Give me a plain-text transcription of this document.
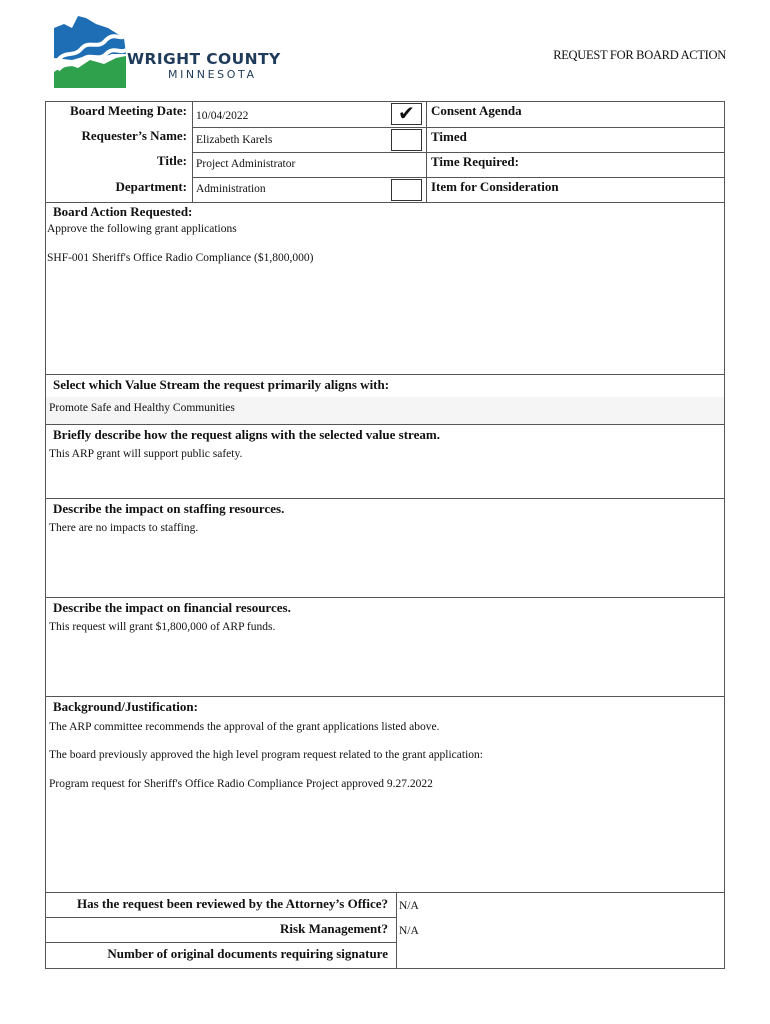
WRIGHT COUNTY
MINNESOTA
REQUEST FOR BOARD ACTION
Board Meeting Date: 10/04/2022
Requester’s Name: Elizabeth Karels
Title: Project Administrator
Department: Administration
✔ Consent Agenda
Timed
Time Required:
Item for Consideration
Board Action Requested:
Approve the following grant applications
SHF-001 Sheriff's Office Radio Compliance ($1,800,000)
Select which Value Stream the request primarily aligns with:
Promote Safe and Healthy Communities
Briefly describe how the request aligns with the selected value stream.
This ARP grant will support public safety.
Describe the impact on staffing resources.
There are no impacts to staffing.
Describe the impact on financial resources.
This request will grant $1,800,000 of ARP funds.
Background/Justification:
The ARP committee recommends the approval of the grant applications listed above.
The board previously approved the high level program request related to the grant application:
Program request for Sheriff's Office Radio Compliance Project approved 9.27.2022
Has the request been reviewed by the Attorney’s Office? N/A
Risk Management? N/A
Number of original documents requiring signature
